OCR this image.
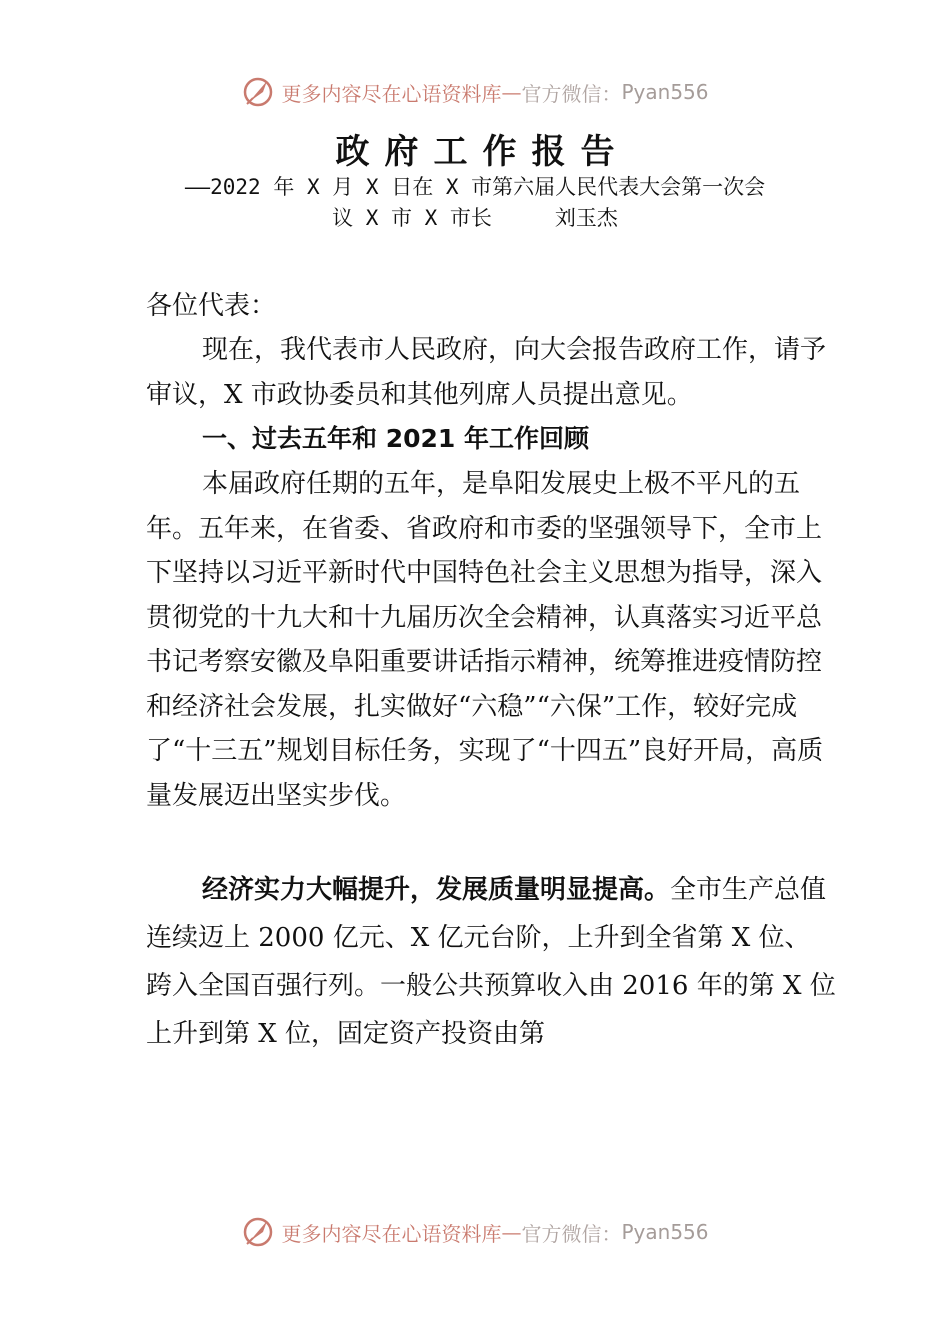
更多内容尽在心语资料库 — 官方微信： Pyan556
政府工作报告

——2022 年 X 月 X 日在 X 市第六届人民代表大会第一次会

议 X 市 X 市长　　　刘玉杰

各位代表：

现在，我代表市人民政府，向大会报告政府工作，请予审议，X 市政协委员和其他列席人员提出意见。

一、过去五年和 2021 年工作回顾

本届政府任期的五年，是阜阳发展史上极不平凡的五年。五年来，在省委、省政府和市委的坚强领导下，全市上下坚持以习近平新时代中国特色社会主义思想为指导，深入贯彻党的十九大和十九届历次全会精神，认真落实习近平总书记考察安徽及阜阳重要讲话指示精神，统筹推进疫情防控和经济社会发展，扎实做好“六稳”“六保”工作，较好完成了“十三五”规划目标任务，实现了“十四五”良好开局，高质量发展迈出坚实步伐。

经济实力大幅提升，发展质量明显提高。全市生产总值连续迈上 2000 亿元、X 亿元台阶，上升到全省第 X 位、跨入全国百强行列。一般公共预算收入由 2016 年的第 X 位上升到第 X 位，固定资产投资由第

更多内容尽在心语资料库 — 官方微信： Pyan556
